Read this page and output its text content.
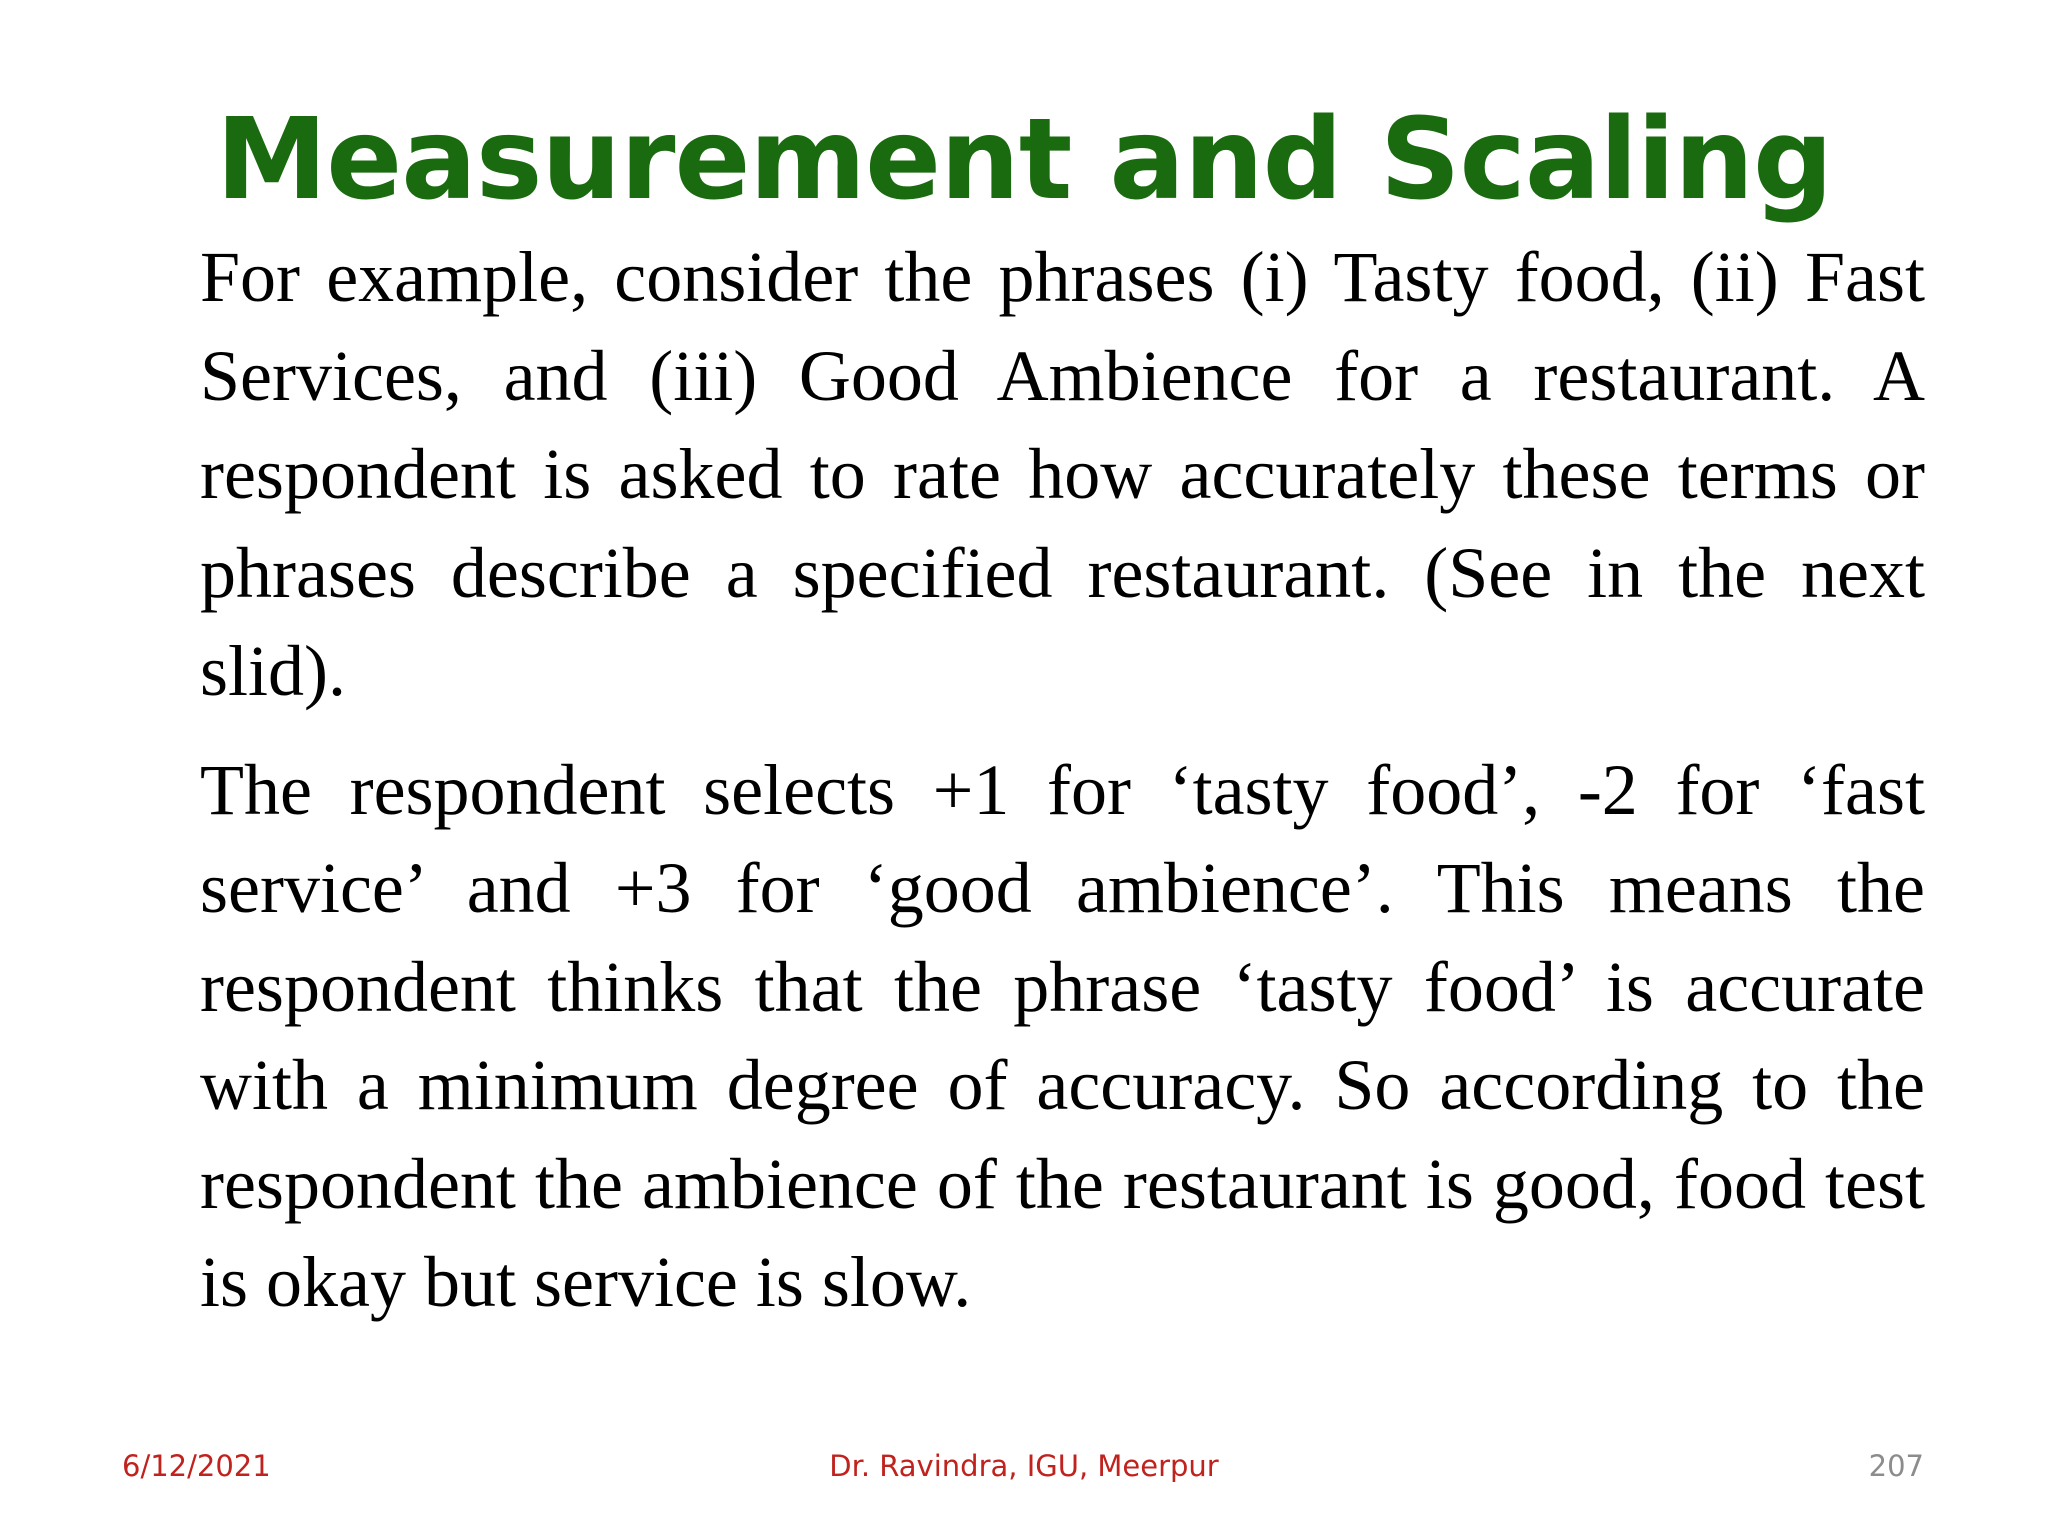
Measurement and Scaling

For example, consider the phrases (i) Tasty food, (ii) Fast Services, and (iii) Good Ambience for a restaurant. A respondent is asked to rate how accurately these terms or phrases describe a specified restaurant. (See in the next slid).

The respondent selects +1 for ‘tasty food’, -2 for ‘fast service’ and +3 for ‘good ambience’. This means the respondent thinks that the phrase ‘tasty food’ is accurate with a minimum degree of accuracy. So according to the respondent the ambience of the restaurant is good, food test is okay but service is slow.

6/12/2021	Dr. Ravindra, IGU, Meerpur	207
